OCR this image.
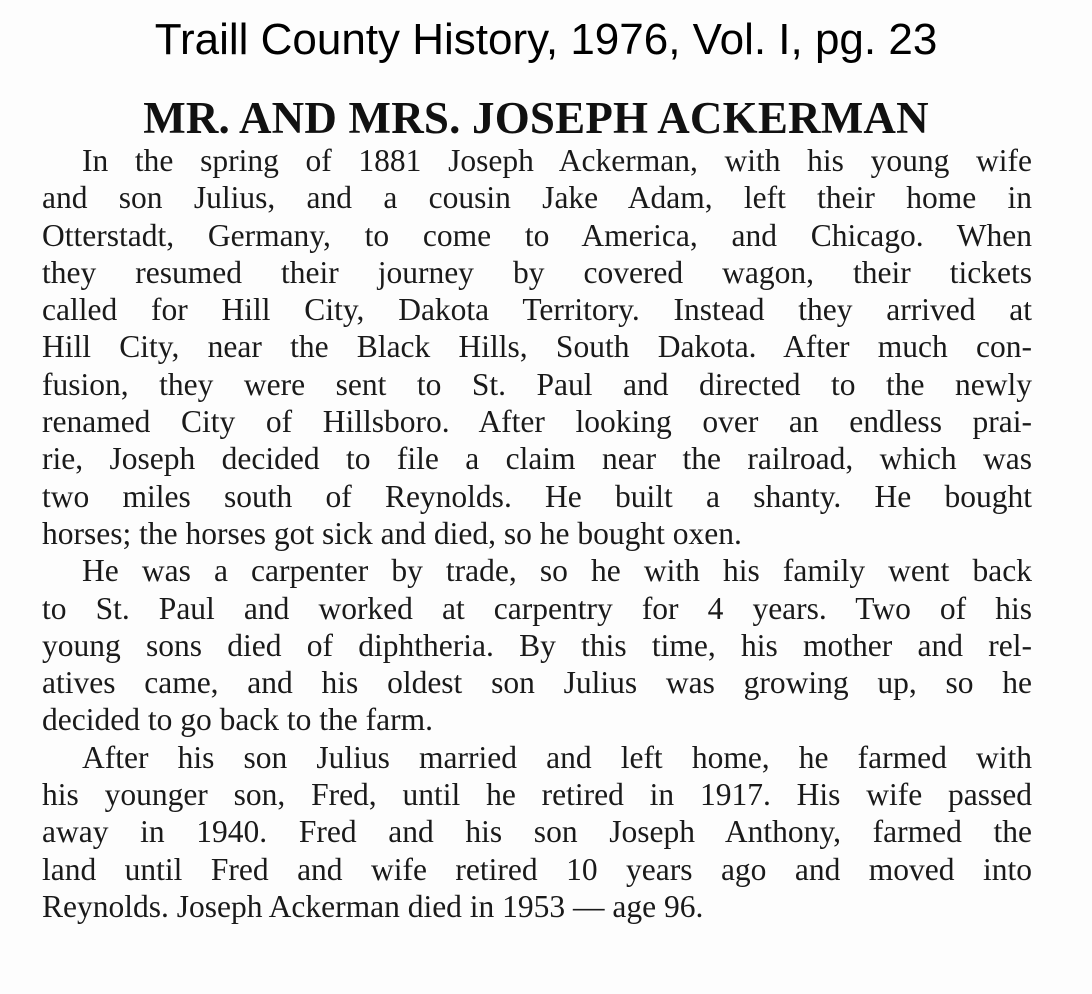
Traill County History, 1976, Vol. I, pg. 23
MR. AND MRS. JOSEPH ACKERMAN
In the spring of 1881 Joseph Ackerman, with his young wife
and son Julius, and a cousin Jake Adam, left their home in
Otterstadt, Germany, to come to America, and Chicago. When
they resumed their journey by covered wagon, their tickets
called for Hill City, Dakota Territory. Instead they arrived at
Hill City, near the Black Hills, South Dakota. After much con-
fusion, they were sent to St. Paul and directed to the newly
renamed City of Hillsboro. After looking over an endless prai-
rie, Joseph decided to file a claim near the railroad, which was
two miles south of Reynolds. He built a shanty. He bought
horses; the horses got sick and died, so he bought oxen.
He was a carpenter by trade, so he with his family went back
to St. Paul and worked at carpentry for 4 years. Two of his
young sons died of diphtheria. By this time, his mother and rel-
atives came, and his oldest son Julius was growing up, so he
decided to go back to the farm.
After his son Julius married and left home, he farmed with
his younger son, Fred, until he retired in 1917. His wife passed
away in 1940. Fred and his son Joseph Anthony, farmed the
land until Fred and wife retired 10 years ago and moved into
Reynolds. Joseph Ackerman died in 1953 — age 96.
